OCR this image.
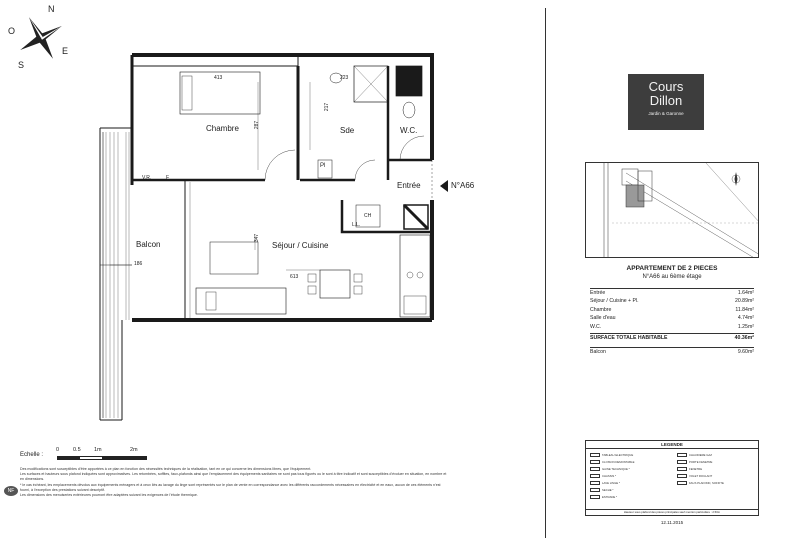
N
E
S
O
Chambre	Sde	W.C.
Entrée
Séjour / Cuisine
Balcon
Pl
V.R.	F
L.L.
CH
413
287
223
217
347
613
186
N°A66
Echelle :
0	0.5 1m	2m

Des modifications sont susceptibles d'être apportées à ce plan en fonction des nécessités techniques de la réalisation, tant en ce qui concerne les dimensions libres, que l'équipement.

Les surfaces et hauteurs sous plafond indiquées sont approximatives. Les retombées, soffites, faux-plafonds ainsi que l'emplacement des équipements sanitaires ne sont pas tous figurés ou le sont à titre indicatif et sont susceptibles d'évoluer en situation, en nombre et en dimensions.

* le cas échéant, les emplacements dévolus aux équipements ménagers et à ceux liés au lavage du linge sont représentés sur le plan de vente en correspondance avec les différents raccordements nécessaires en électricité et en eaux, aucun de ces éléments n'est fourni, à l'exception des prestations suivant descriptif.

Les dimensions des menuiseries extérieures pourront être adaptées suivant les exigences de l'étude thermique.

NF
Cours
Dillon
Jardin & Garonne
APPARTEMENT DE 2 PIECES
N°A66 au 6ème étage
Entrée	1.64m²
Séjour / Cuisine + Pl.	20.89m²
Chambre	11.84m²
Salle d'eau	4.74m²
W.C.	1.25m²
SURFACE TOTALE HABITABLE	40.36m²
Balcon	9.60m²
LEGENDE
TABLEAU ELECTRIQUE
CLOISON DEMONTABLE
GAINE TECHNIQUE *
CHASSIS *
LAVE LINGE *
SECHE *
ESTRADE *
CHAUDIERE GAZ
PORTE FENETRE
FENETRE
VOLET ROULANT
FAUX-PLAFOND, SOFFITE
Hauteur sous plafond des pièces principales sauf mention particulière : 2.50m
12.11.2015
